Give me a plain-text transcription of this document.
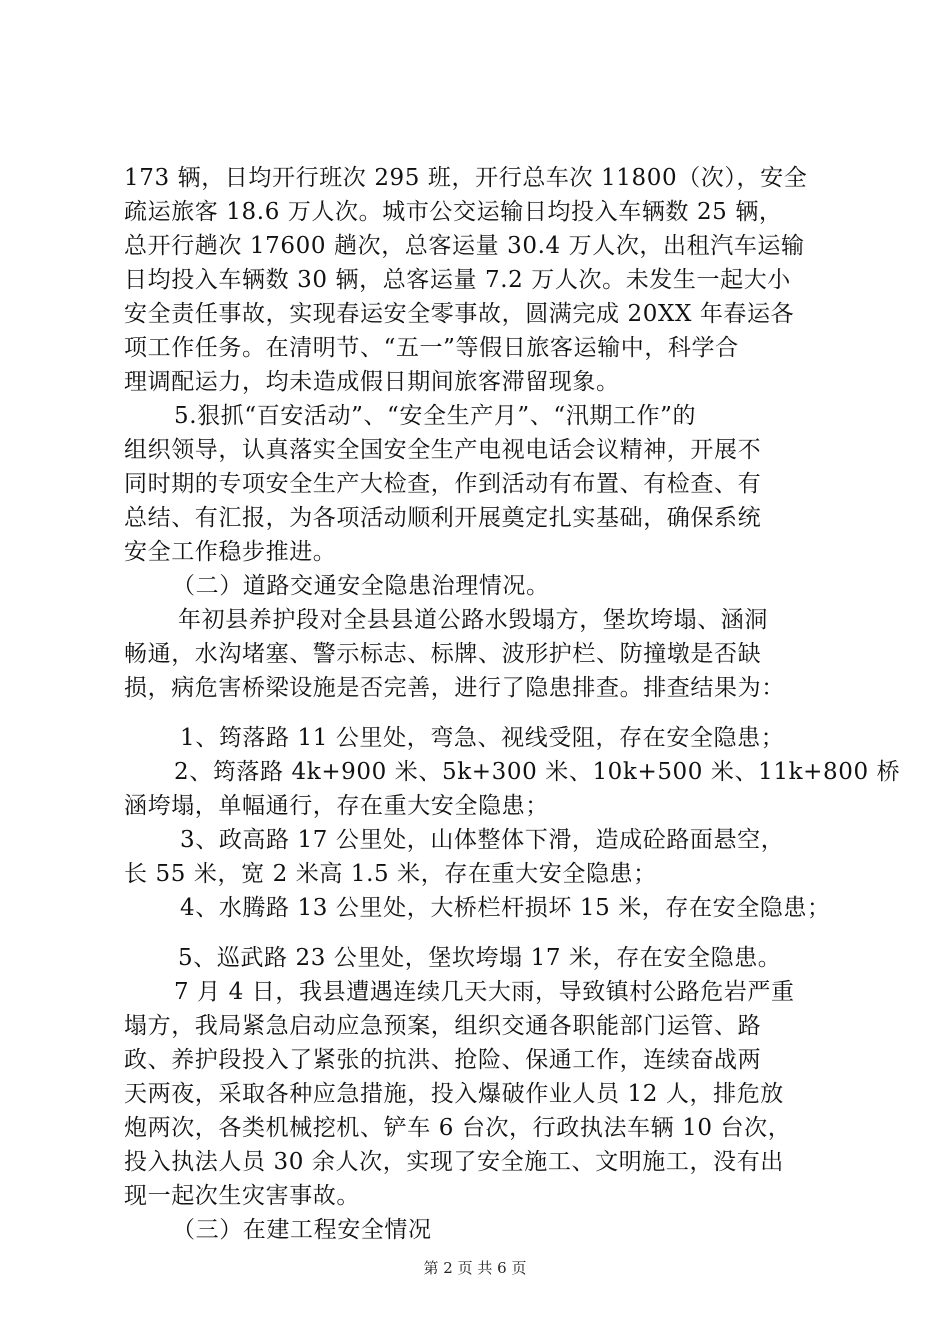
173 辆，日均开行班次 295 班，开行总车次 11800（次），安全
疏运旅客 18.6 万人次。城市公交运输日均投入车辆数 25 辆，
总开行趟次 17600 趟次，总客运量 30.4 万人次，出租汽车运输
日均投入车辆数 30 辆，总客运量 7.2 万人次。未发生一起大小
安全责任事故，实现春运安全零事故，圆满完成 20XX 年春运各
项工作任务。在清明节、“五一”等假日旅客运输中，科学合
理调配运力，均未造成假日期间旅客滞留现象。
5.狠抓“百安活动”、“安全生产月”、“汛期工作”的
组织领导，认真落实全国安全生产电视电话会议精神，开展不
同时期的专项安全生产大检查，作到活动有布置、有检查、有
总结、有汇报，为各项活动顺利开展奠定扎实基础，确保系统
安全工作稳步推进。
（二）道路交通安全隐患治理情况。
年初县养护段对全县县道公路水毁塌方，堡坎垮塌、涵洞
畅通，水沟堵塞、警示标志、标牌、波形护栏、防撞墩是否缺
损，病危害桥梁设施是否完善，进行了隐患排查。排查结果为：
1、筠落路 11 公里处，弯急、视线受阻，存在安全隐患；
2、筠落路 4k+900 米、5k+300 米、10k+500 米、11k+800 桥
涵垮塌，单幅通行，存在重大安全隐患；
3、政高路 17 公里处，山体整体下滑，造成砼路面悬空，
长 55 米，宽 2 米高 1.5 米，存在重大安全隐患；
4、水腾路 13 公里处，大桥栏杆损坏 15 米，存在安全隐患；
5、巡武路 23 公里处，堡坎垮塌 17 米，存在安全隐患。
7 月 4 日，我县遭遇连续几天大雨，导致镇村公路危岩严重
塌方，我局紧急启动应急预案，组织交通各职能部门运管、路
政、养护段投入了紧张的抗洪、抢险、保通工作，连续奋战两
天两夜，采取各种应急措施，投入爆破作业人员 12 人，排危放
炮两次，各类机械挖机、铲车 6 台次，行政执法车辆 10 台次，
投入执法人员 30 余人次，实现了安全施工、文明施工，没有出
现一起次生灾害事故。
（三）在建工程安全情况
第 2 页 共 6 页
